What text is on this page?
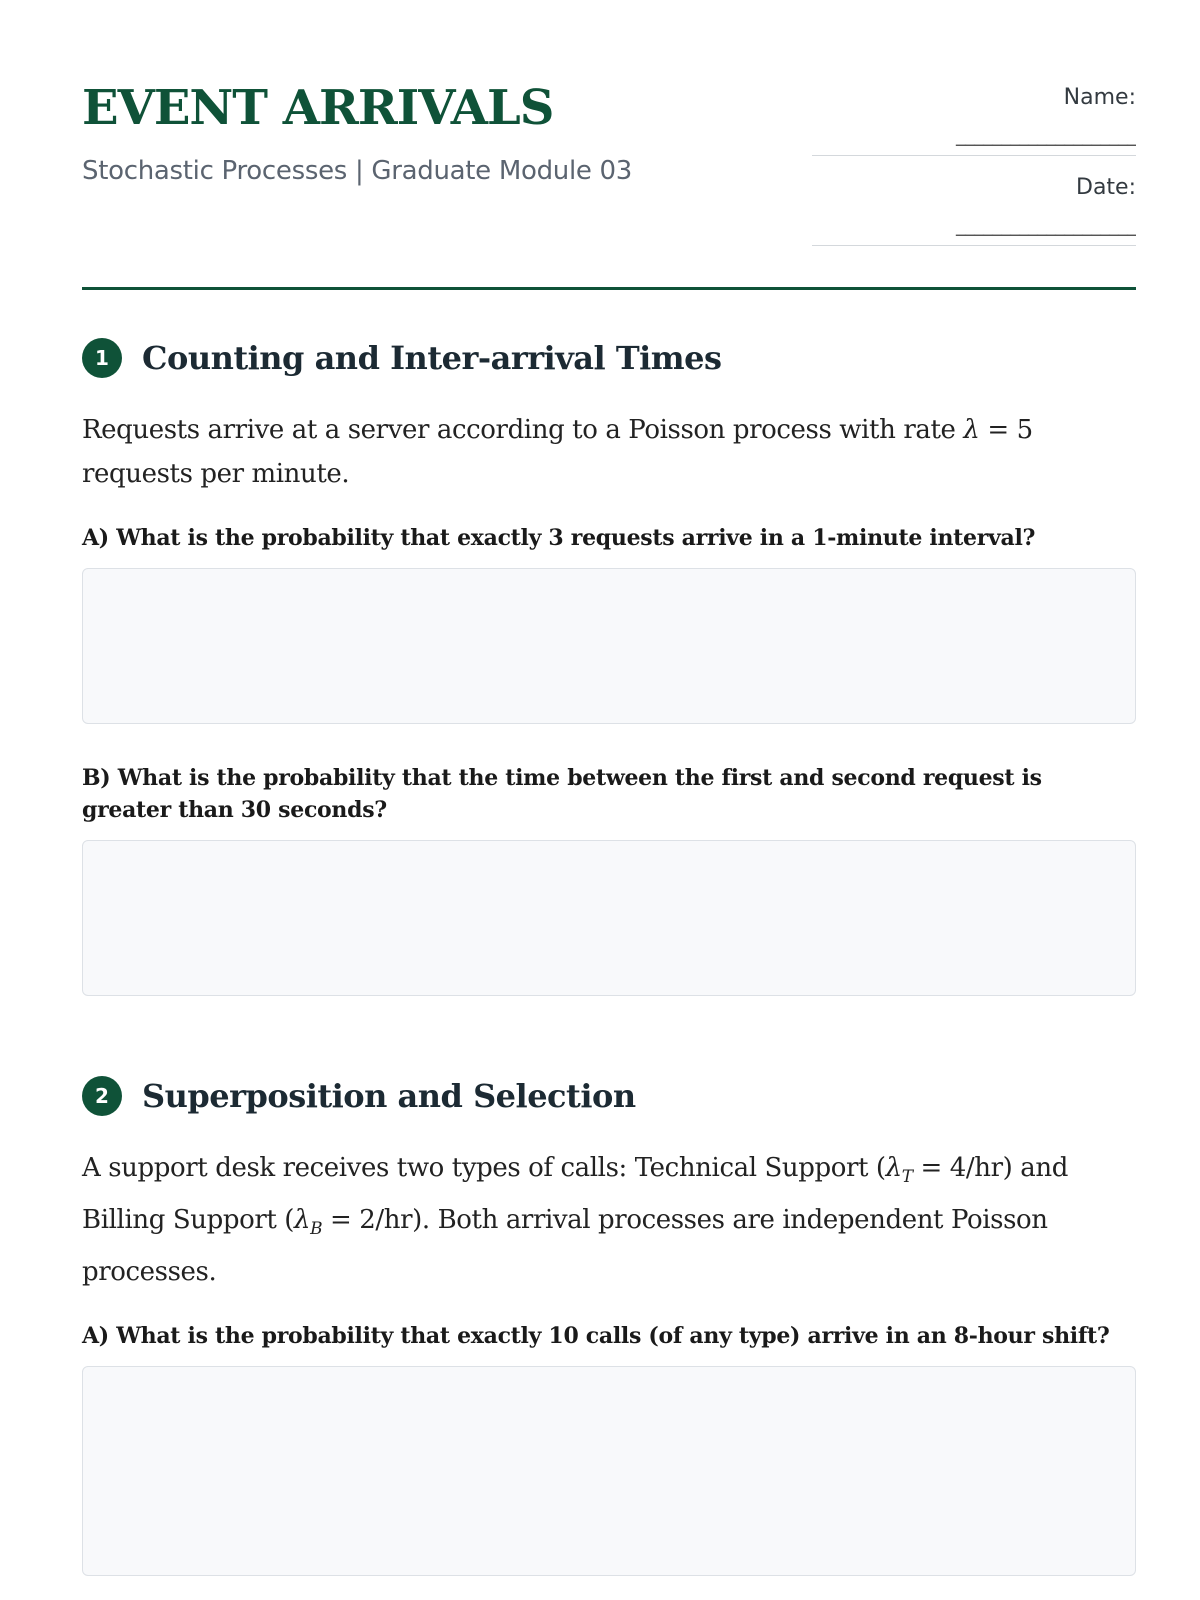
EVENT ARRIVALS
Stochastic Processes | Graduate Module 03
Name:
____________________
Date:
____________________
1	Counting and Inter-arrival Times
Requests arrive at a server according to a Poisson process with rate λ = 5 requests per minute.
A) What is the probability that exactly 3 requests arrive in a 1-minute interval?
B) What is the probability that the time between the first and second request is greater than 30 seconds?
2	Superposition and Selection
A support desk receives two types of calls: Technical Support $(\lambda_T = 4/hr)$ and Billing Support $(\lambda_B = 2/hr)$. Both arrival processes are independent Poisson processes.
A) What is the probability that exactly 10 calls (of any type) arrive in an 8-hour shift?
